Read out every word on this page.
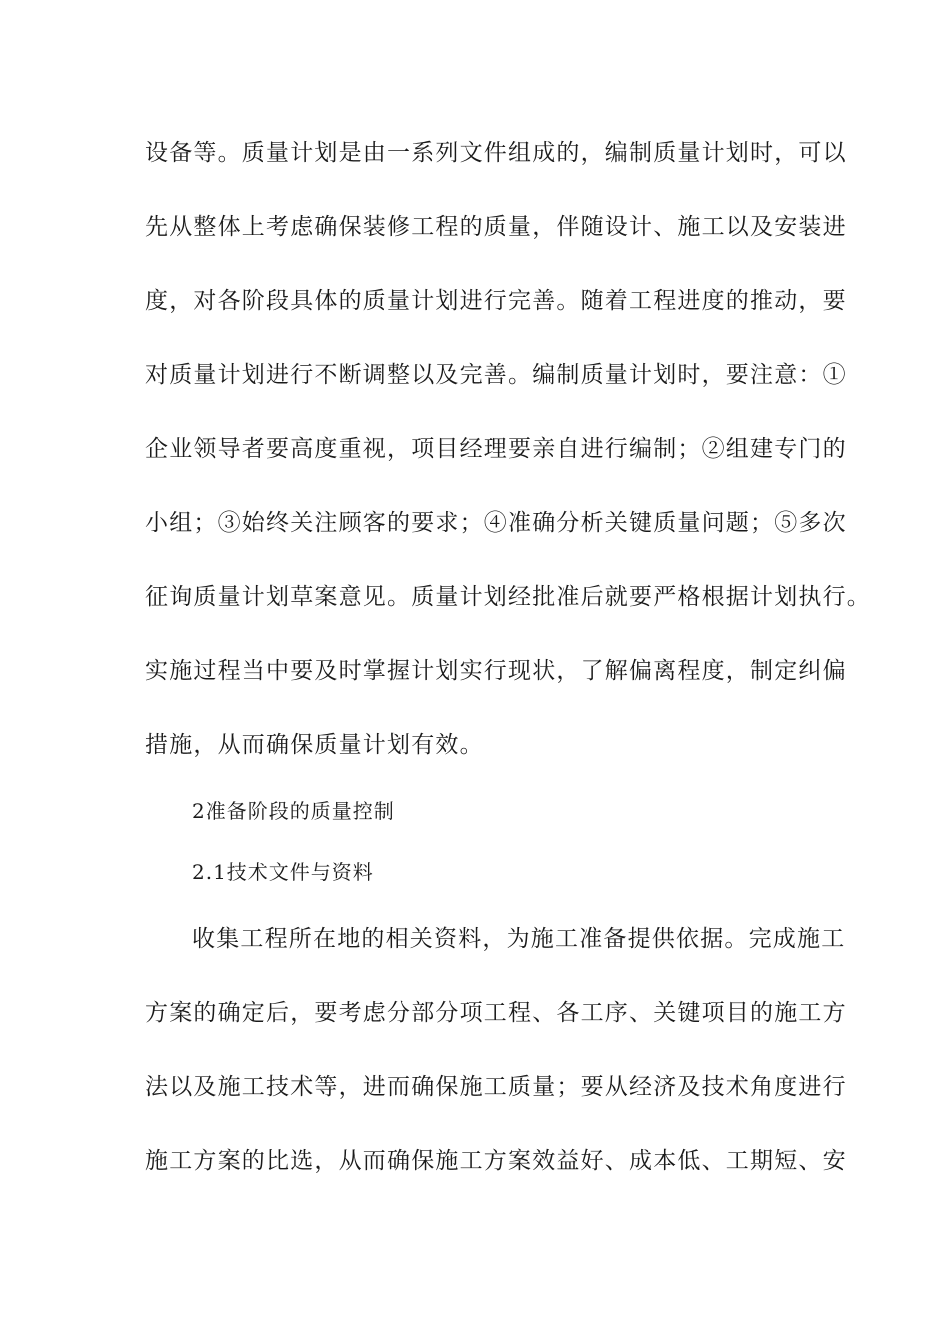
设备等。质量计划是由一系列文件组成的，编制质量计划时，可以
先从整体上考虑确保装修工程的质量，伴随设计、施工以及安装进
度，对各阶段具体的质量计划进行完善。随着工程进度的推动，要
对质量计划进行不断调整以及完善。编制质量计划时，要注意：①
企业领导者要高度重视，项目经理要亲自进行编制；②组建专门的
小组；③始终关注顾客的要求；④准确分析关键质量问题；⑤多次
征询质量计划草案意见。质量计划经批准后就要严格根据计划执行。
实施过程当中要及时掌握计划实行现状，了解偏离程度，制定纠偏
措施，从而确保质量计划有效。
2准备阶段的质量控制
2.1技术文件与资料
收集工程所在地的相关资料，为施工准备提供依据。完成施工
方案的确定后，要考虑分部分项工程、各工序、关键项目的施工方
法以及施工技术等，进而确保施工质量；要从经济及技术角度进行
施工方案的比选，从而确保施工方案效益好、成本低、工期短、安
